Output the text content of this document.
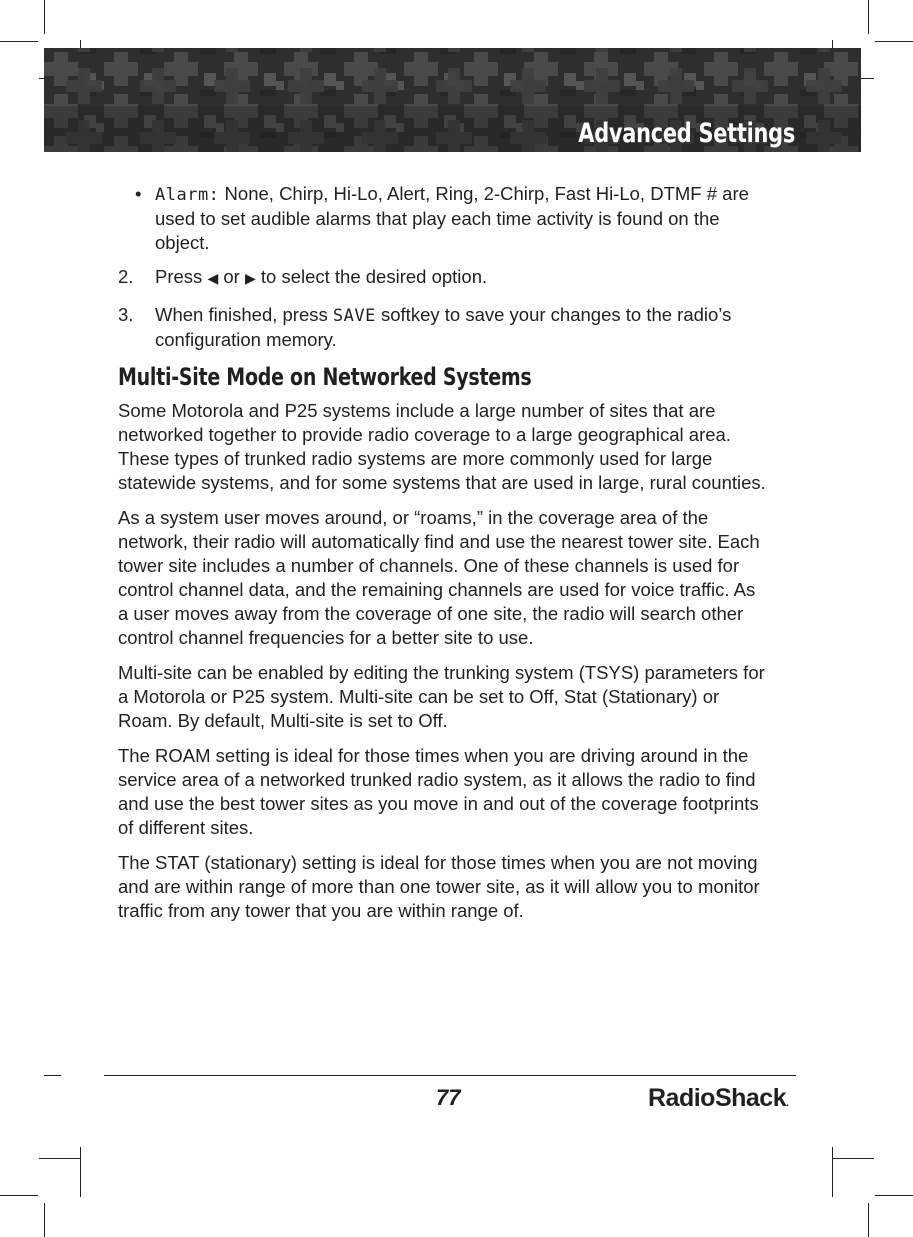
Advanced Settings
• Alarm: None, Chirp, Hi-Lo, Alert, Ring, 2-Chirp, Fast Hi-Lo, DTMF # are used to set audible alarms that play each time activity is found on the object.
2. Press ◀ or ▶ to select the desired option.
3. When finished, press SAVE softkey to save your changes to the radio’s configuration memory.
Multi-Site Mode on Networked Systems

Some Motorola and P25 systems include a large number of sites that are networked together to provide radio coverage to a large geographical area. These types of trunked radio systems are more commonly used for large statewide systems, and for some systems that are used in large, rural counties.

As a system user moves around, or “roams,” in the coverage area of the network, their radio will automatically find and use the nearest tower site. Each tower site includes a number of channels. One of these channels is used for control channel data, and the remaining channels are used for voice traffic. As a user moves away from the coverage of one site, the radio will search other control channel frequencies for a better site to use.

Multi-site can be enabled by editing the trunking system (TSYS) parameters for a Motorola or P25 system. Multi-site can be set to Off, Stat (Stationary) or Roam. By default, Multi-site is set to Off.

The ROAM setting is ideal for those times when you are driving around in the service area of a networked trunked radio system, as it allows the radio to find and use the best tower sites as you move in and out of the coverage footprints of different sites.

The STAT (stationary) setting is ideal for those times when you are not moving and are within range of more than one tower site, as it will allow you to monitor traffic from any tower that you are within range of.

77	RadioShack.
